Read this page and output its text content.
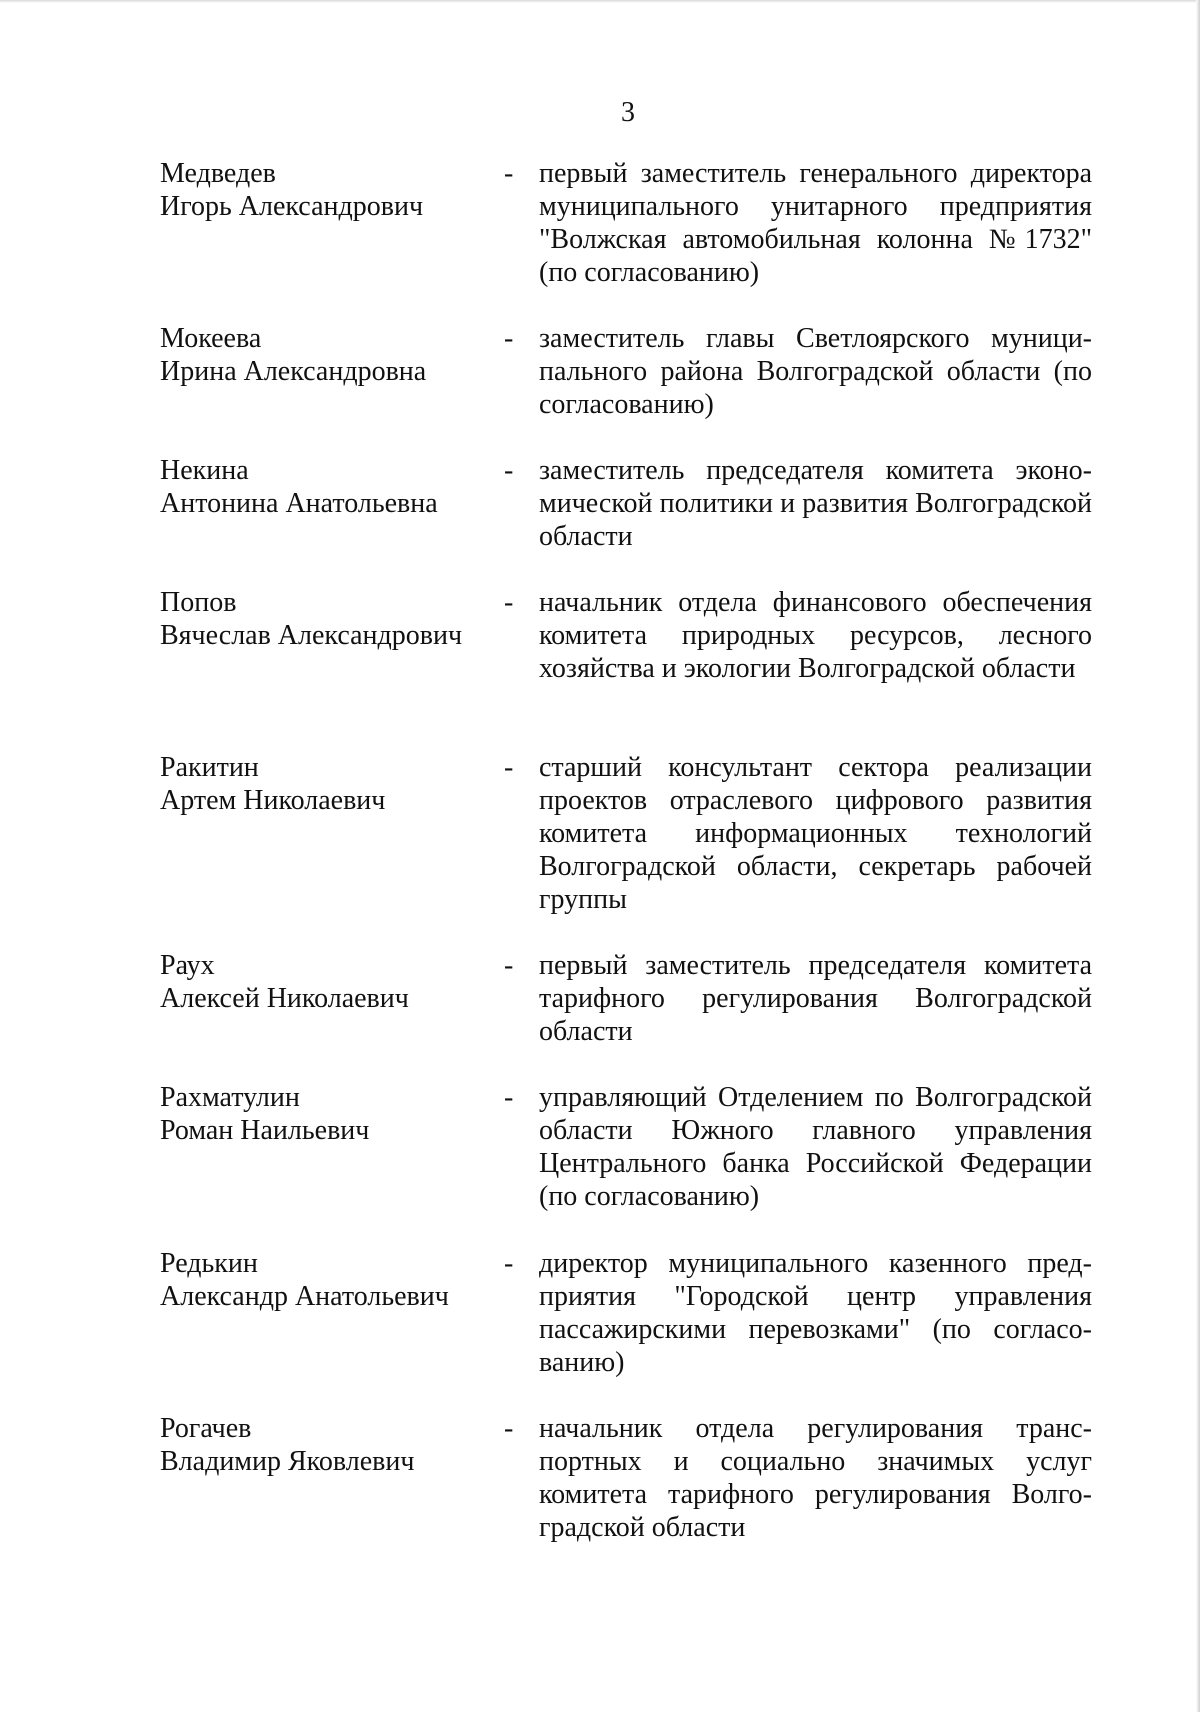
3
Медведев
Игорь Александрович
- первый заместитель генерального директора муниципального унитарного предприятия "Волжская автомобильная колонна №1732" (по согласованию)
Мокеева
Ирина Александровна
- заместитель главы Светлоярского муниципального района Волгоградской области (по согласованию)
Некина
Антонина Анатольевна
- заместитель председателя комитета экономической политики и развития Волгоградской области
Попов
Вячеслав Александрович
- начальник отдела финансового обеспечения комитета природных ресурсов, лесного хозяйства и экологии Волгоградской области
Ракитин
Артем Николаевич
- старший консультант сектора реализации проектов отраслевого цифрового развития комитета информационных технологий Волгоградской области, секретарь рабочей группы
Раух
Алексей Николаевич
- первый заместитель председателя комитета тарифного регулирования Волгоградской области
Рахматулин
Роман Наильевич
- управляющий Отделением по Волгоградской области Южного главного управления Центрального банка Российской Федерации (по согласованию)
Редькин
Александр Анатольевич
- директор муниципального казенного предприятия "Городской центр управления пассажирскими перевозками" (по согласованию)
Рогачев
Владимир Яковлевич
- начальник отдела регулирования транспортных и социально значимых услуг комитета тарифного регулирования Волгоградской области
